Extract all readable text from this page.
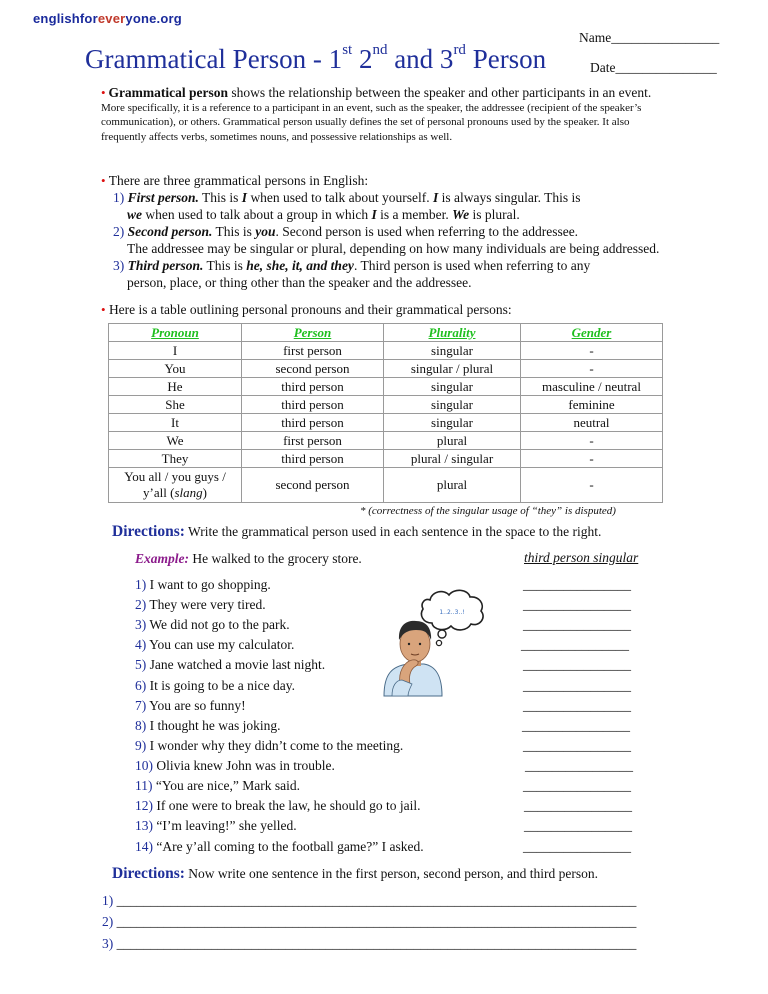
englishforeveryone.org
Name________________
Date_______________
Grammatical Person - 1st 2nd and 3rd Person
• Grammatical person shows the relationship between the speaker and other participants in an event. More specifically, it is a reference to a participant in an event, such as the speaker, the addressee (recipient of the speaker’s communication), or others. Grammatical person usually defines the set of personal pronouns used by the speaker. It also frequently affects verbs, sometimes nouns, and possessive relationships as well.
• There are three grammatical persons in English:
1) First person. This is I when used to talk about yourself. I is always singular. This is
we when used to talk about a group in which I is a member. We is plural.
2) Second person. This is you. Second person is used when referring to the addressee.
The addressee may be singular or plural, depending on how many individuals are being addressed.
3) Third person. This is he, she, it, and they. Third person is used when referring to any
person, place, or thing other than the speaker and the addressee.
• Here is a table outlining personal pronouns and their grammatical persons:
Pronoun	Person	Plurality	Gender
I	first person	singular	-
You	second person	singular / plural	-
He	third person	singular	masculine / neutral
She	third person	singular	feminine
It	third person	singular	neutral
We	first person	plural	-
They	third person	plural / singular	-
You all / you guys /
y’all (slang)	second person	plural	-
* (correctness of the singular usage of “they” is disputed)
Directions: Write the grammatical person used in each sentence in the space to the right.
Example: He walked to the grocery store.	third person singular
1) I want to go shopping.
2) They were very tired.
3) We did not go to the park.
4) You can use my calculator.
5) Jane watched a movie last night.
6) It is going to be a nice day.
7) You are so funny!
8) I thought he was joking.
9) I wonder why they didn’t come to the meeting.
10) Olivia knew John was in trouble.
11) “You are nice,” Mark said.
12) If one were to break the law, he should go to jail.
13) “I’m leaving!” she yelled.
14) “Are y’all coming to the football game?” I asked.
________________
________________
________________
________________
________________
________________
________________
________________
________________
________________
________________
________________
________________
________________
1..2..3..!
Directions: Now write one sentence in the first person, second person, and third person.
1) _____________________________________________________________________________
2) _____________________________________________________________________________
3) _____________________________________________________________________________
